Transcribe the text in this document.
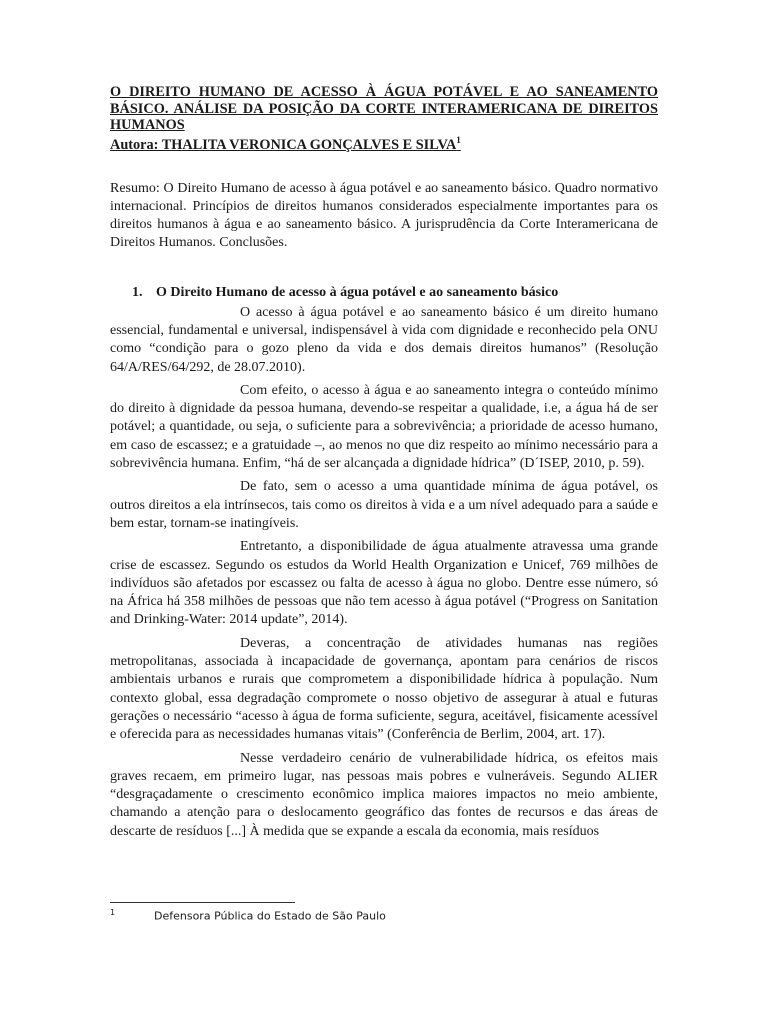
O DIREITO HUMANO DE ACESSO À ÁGUA POTÁVEL E AO SANEAMENTO BÁSICO. ANÁLISE DA POSIÇÃO DA CORTE INTERAMERICANA DE DIREITOS HUMANOS

Autora: THALITA VERONICA GONÇALVES E SILVA$^1$

Resumo: O Direito Humano de acesso à água potável e ao saneamento básico. Quadro normativo internacional. Princípios de direitos humanos considerados especialmente importantes para os direitos humanos à água e ao saneamento básico. A jurisprudência da Corte Interamericana de Direitos Humanos. Conclusões.

1. O Direito Humano de acesso à água potável e ao saneamento básico

O acesso à água potável e ao saneamento básico é um direito humano essencial, fundamental e universal, indispensável à vida com dignidade e reconhecido pela ONU como “condição para o gozo pleno da vida e dos demais direitos humanos” (Resolução 64/A/RES/64/292, de 28.07.2010).

Com efeito, o acesso à água e ao saneamento integra o conteúdo mínimo do direito à dignidade da pessoa humana, devendo-se respeitar a qualidade, i.e, a água há de ser potável; a quantidade, ou seja, o suficiente para a sobrevivência; a prioridade de acesso humano, em caso de escassez; e a gratuidade –, ao menos no que diz respeito ao mínimo necessário para a sobrevivência humana. Enfim, “há de ser alcançada a dignidade hídrica” (D´ISEP, 2010, p. 59).

De fato, sem o acesso a uma quantidade mínima de água potável, os outros direitos a ela intrínsecos, tais como os direitos à vida e a um nível adequado para a saúde e bem estar, tornam-se inatingíveis.

Entretanto, a disponibilidade de água atualmente atravessa uma grande crise de escassez. Segundo os estudos da World Health Organization e Unicef, 769 milhões de indivíduos são afetados por escassez ou falta de acesso à água no globo. Dentre esse número, só na África há 358 milhões de pessoas que não tem acesso à água potável (“Progress on Sanitation and Drinking-Water: 2014 update”, 2014).

Deveras, a concentração de atividades humanas nas regiões metropolitanas, associada à incapacidade de governança, apontam para cenários de riscos ambientais urbanos e rurais que comprometem a disponibilidade hídrica à população. Num contexto global, essa degradação compromete o nosso objetivo de assegurar à atual e futuras gerações o necessário “acesso à água de forma suficiente, segura, aceitável, fisicamente acessível e oferecida para as necessidades humanas vitais” (Conferência de Berlim, 2004, art. 17).

Nesse verdadeiro cenário de vulnerabilidade hídrica, os efeitos mais graves recaem, em primeiro lugar, nas pessoas mais pobres e vulneráveis. Segundo ALIER “desgraçadamente o crescimento econômico implica maiores impactos no meio ambiente, chamando a atenção para o deslocamento geográfico das fontes de recursos e das áreas de descarte de resíduos [...] À medida que se expande a escala da economia, mais resíduos

1	Defensora Pública do Estado de São Paulo
